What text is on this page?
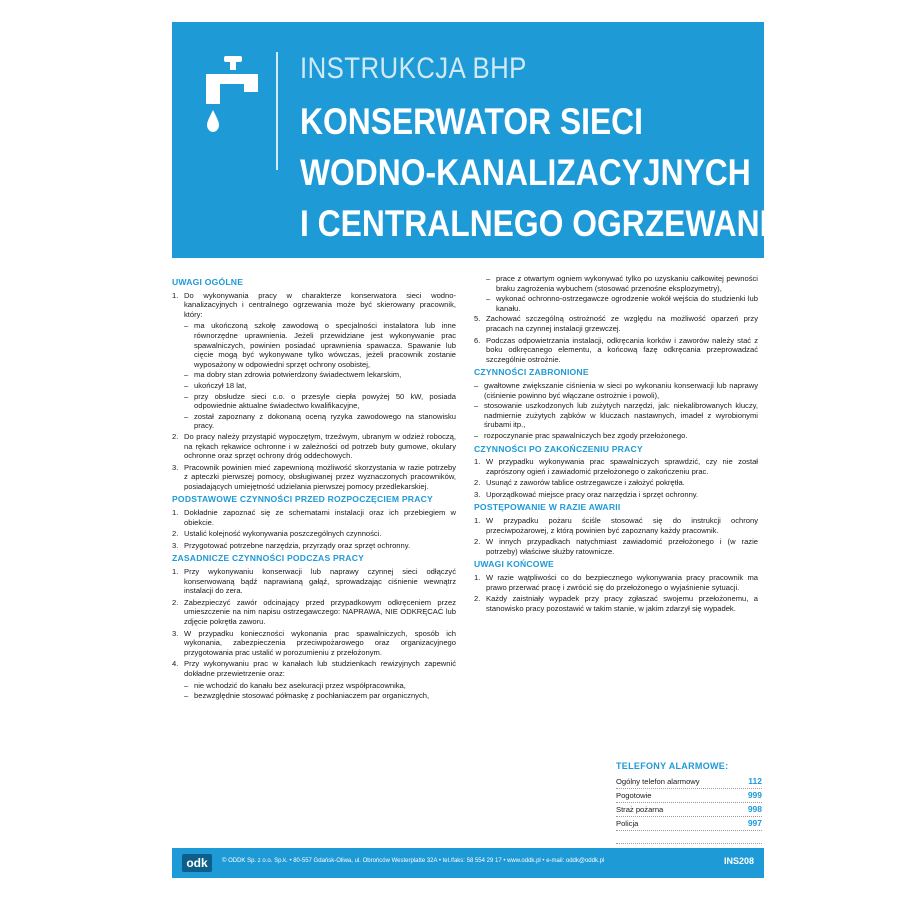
INSTRUKCJA BHP
KONSERWATOR SIECI
WODNO-KANALIZACYJNYCH
I CENTRALNEGO OGRZEWANIA
UWAGI OGÓLNE
1. Do wykonywania pracy w charakterze konserwatora sieci wodno-kanalizacyjnych i centralnego ogrzewania może być skierowany pracownik, który:
– ma ukończoną szkołę zawodową o specjalności instalatora lub inne równorzędne uprawnienia. Jeżeli przewidziane jest wykonywanie prac spawalniczych, powinien posiadać uprawnienia spawacza. Spawanie lub cięcie mogą być wykonywane tylko wówczas, jeżeli pracownik zostanie wyposażony w odpowiedni sprzęt ochrony osobistej,
– ma dobry stan zdrowia potwierdzony świadectwem lekarskim,
– ukończył 18 lat,
– przy obsłudze sieci c.o. o przesyle ciepła powyżej 50 kW, posiada odpowiednie aktualne świadectwo kwalifikacyjne,
– został zapoznany z dokonaną oceną ryzyka zawodowego na stanowisku pracy.
2. Do pracy należy przystąpić wypoczętym, trzeźwym, ubranym w odzież roboczą, na rękach rękawice ochronne i w zależności od potrzeb buty gumowe, okulary ochronne oraz sprzęt ochrony dróg oddechowych.
3. Pracownik powinien mieć zapewnioną możliwość skorzystania w razie potrzeby z apteczki pierwszej pomocy, obsługiwanej przez wyznaczonych pracowników, posiadających umiejętność udzielania pierwszej pomocy przedlekarskiej.
PODSTAWOWE CZYNNOŚCI PRZED ROZPOCZĘCIEM PRACY
1. Dokładnie zapoznać się ze schematami instalacji oraz ich przebiegiem w obiekcie.
2. Ustalić kolejność wykonywania poszczególnych czynności.
3. Przygotować potrzebne narzędzia, przyrządy oraz sprzęt ochronny.
ZASADNICZE CZYNNOŚCI PODCZAS PRACY
1. Przy wykonywaniu konserwacji lub naprawy czynnej sieci odłączyć konserwowaną bądź naprawianą gałąź, sprowadzając ciśnienie wewnątrz instalacji do zera.
2. Zabezpieczyć zawór odcinający przed przypadkowym odkręceniem przez umieszczenie na nim napisu ostrzegawczego: NAPRAWA, NIE ODKRĘCAĆ lub zdjęcie pokrętła zaworu.
3. W przypadku konieczności wykonania prac spawalniczych, sposób ich wykonania, zabezpieczenia przeciwpożarowego oraz organizacyjnego przygotowania prac ustalić w porozumieniu z przełożonym.
4. Przy wykonywaniu prac w kanałach lub studzienkach rewizyjnych zapewnić dokładne przewietrzenie oraz:
– nie wchodzić do kanału bez asekuracji przez współpracownika,
– bezwzględnie stosować półmaskę z pochłaniaczem par organicznych,
– prace z otwartym ogniem wykonywać tylko po uzyskaniu całkowitej pewności braku zagrożenia wybuchem (stosować przenośne eksplozymetry),
– wykonać ochronno-ostrzegawcze ogrodzenie wokół wejścia do studzienki lub kanału.
5. Zachować szczególną ostrożność ze względu na możliwość oparzeń przy pracach na czynnej instalacji grzewczej.
6. Podczas odpowietrzania instalacji, odkręcania korków i zaworów należy stać z boku odkręcanego elementu, a końcową fazę odkręcania przeprowadzać szczególnie ostrożnie.
CZYNNOŚCI ZABRONIONE
– gwałtowne zwiększanie ciśnienia w sieci po wykonaniu konserwacji lub naprawy (ciśnienie powinno być włączane ostrożnie i powoli),
– stosowanie uszkodzonych lub zużytych narzędzi, jak: niekalibrowanych kluczy, nadmiernie zużytych ząbków w kluczach nastawnych, imadeł z wyrobionymi śrubami itp.,
– rozpoczynanie prac spawalniczych bez zgody przełożonego.
CZYNNOŚCI PO ZAKOŃCZENIU PRACY
1. W przypadku wykonywania prac spawalniczych sprawdzić, czy nie został zaprószony ogień i zawiadomić przełożonego o zakończeniu prac.
2. Usunąć z zaworów tablice ostrzegawcze i założyć pokrętła.
3. Uporządkować miejsce pracy oraz narzędzia i sprzęt ochronny.
POSTĘPOWANIE W RAZIE AWARII
1. W przypadku pożaru ściśle stosować się do instrukcji ochrony przeciwpożarowej, z którą powinien być zapoznany każdy pracownik.
2. W innych przypadkach natychmiast zawiadomić przełożonego i (w razie potrzeby) właściwe służby ratownicze.
UWAGI KOŃCOWE
1. W razie wątpliwości co do bezpiecznego wykonywania pracy pracownik ma prawo przerwać pracę i zwrócić się do przełożonego o wyjaśnienie sytuacji.
2. Każdy zaistniały wypadek przy pracy zgłaszać swojemu przełożonemu, a stanowisko pracy pozostawić w takim stanie, w jakim zdarzył się wypadek.
TELEFONY ALARMOWE:
Ogólny telefon alarmowy	112
Pogotowie	999
Straż pożarna	998
Policja	997
odk	© ODDK Sp. z o.o. Sp.k. • 80-557 Gdańsk-Oliwa, ul. Obrońców Westerplatte 32A • tel./faks: 58 554 29 17 • www.oddk.pl • e-mail: oddk@oddk.pl	INS208
